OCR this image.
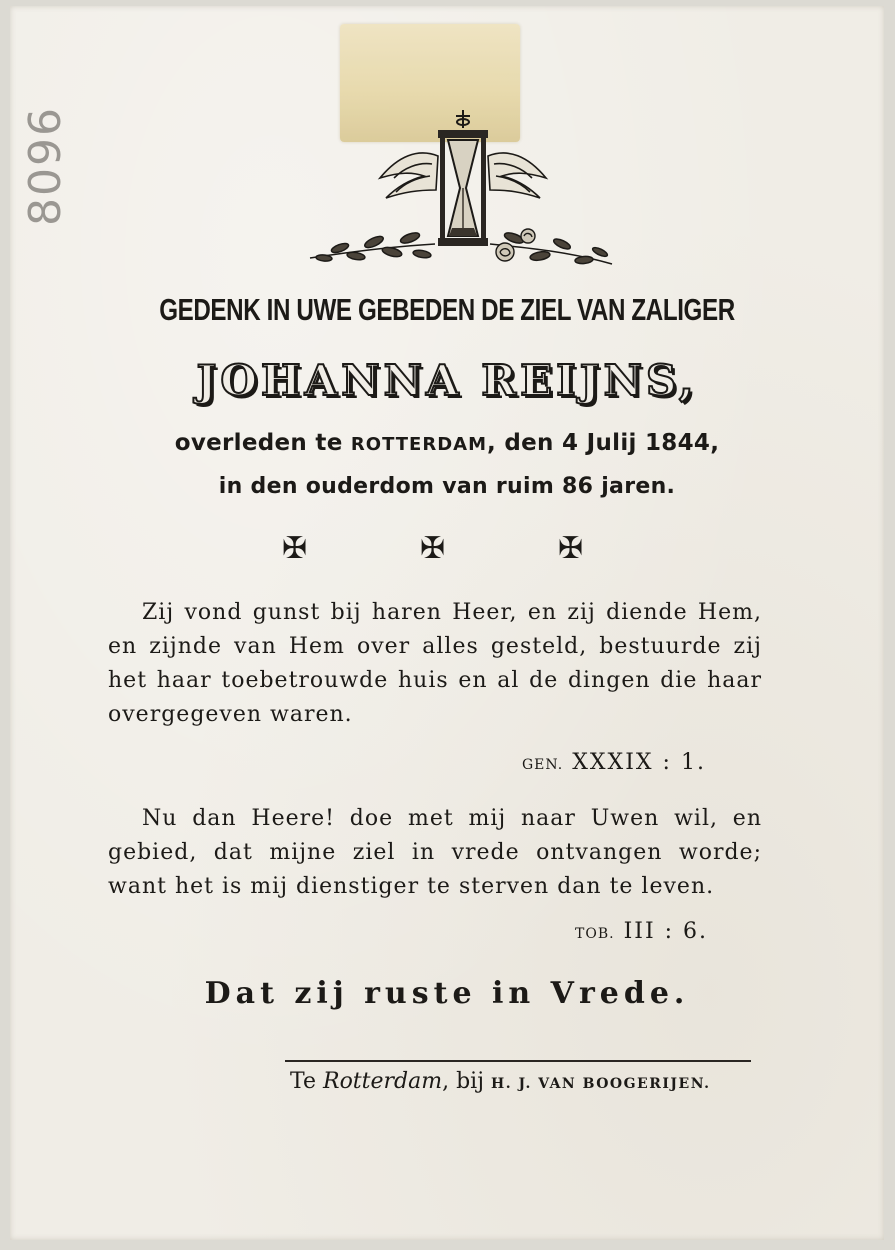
8096
GEDENK IN UWE GEBEDEN DE ZIEL VAN ZALIGER
JOHANNA REIJNS,
overleden te ROTTERDAM, den 4 Julij 1844,
in den ouderdom van ruim 86 jaren.
✠	✠	✠
Zij vond gunst bij haren Heer, en zij diende Hem, en zijnde van Hem over alles gesteld, bestuurde zij het haar toebetrouwde huis en al de dingen die haar overgegeven waren.
GEN. XXXIX : 1.
Nu dan Heere! doe met mij naar Uwen wil, en gebied, dat mijne ziel in vrede ontvangen worde; want het is mij dienstiger te sterven dan te leven.
TOB. III : 6.
Dat zij ruste in Vrede.
Te Rotterdam, bij H. J. VAN BOOGERIJEN.
